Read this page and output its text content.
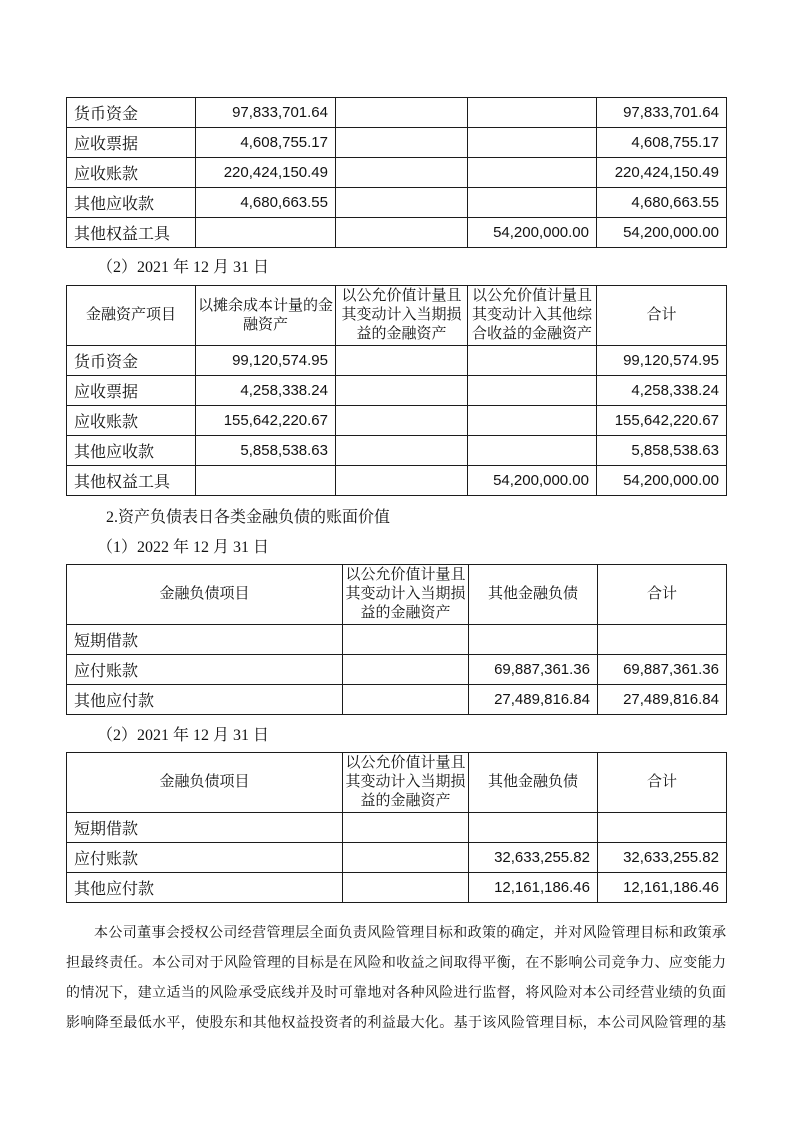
货币资金	97,833,701.64			97,833,701.64
应收票据	4,608,755.17			4,608,755.17
应收账款	220,424,150.49			220,424,150.49
其他应收款	4,680,663.55			4,680,663.55
其他权益工具			54,200,000.00	54,200,000.00
（2）2021 年 12 月 31 日
金融资产项目	以摊余成本计量的金融资产	以公允价值计量且其变动计入当期损益的金融资产	以公允价值计量且其变动计入其他综合收益的金融资产	合计
货币资金	99,120,574.95			99,120,574.95
应收票据	4,258,338.24			4,258,338.24
应收账款	155,642,220.67			155,642,220.67
其他应收款	5,858,538.63			5,858,538.63
其他权益工具			54,200,000.00	54,200,000.00
2.资产负债表日各类金融负债的账面价值
（1）2022 年 12 月 31 日
金融负债项目	以公允价值计量且其变动计入当期损益的金融资产	其他金融负债	合计
短期借款			
应付账款		69,887,361.36	69,887,361.36
其他应付款		27,489,816.84	27,489,816.84
（2）2021 年 12 月 31 日
金融负债项目	以公允价值计量且其变动计入当期损益的金融资产	其他金融负债	合计
短期借款			
应付账款		32,633,255.82	32,633,255.82
其他应付款		12,161,186.46	12,161,186.46
本公司董事会授权公司经营管理层全面负责风险管理目标和政策的确定，并对风险管理目标和政策承
担最终责任。本公司对于风险管理的目标是在风险和收益之间取得平衡，在不影响公司竞争力、应变能力
的情况下，建立适当的风险承受底线并及时可靠地对各种风险进行监督，将风险对本公司经营业绩的负面
影响降至最低水平，使股东和其他权益投资者的利益最大化。基于该风险管理目标，本公司风险管理的基
